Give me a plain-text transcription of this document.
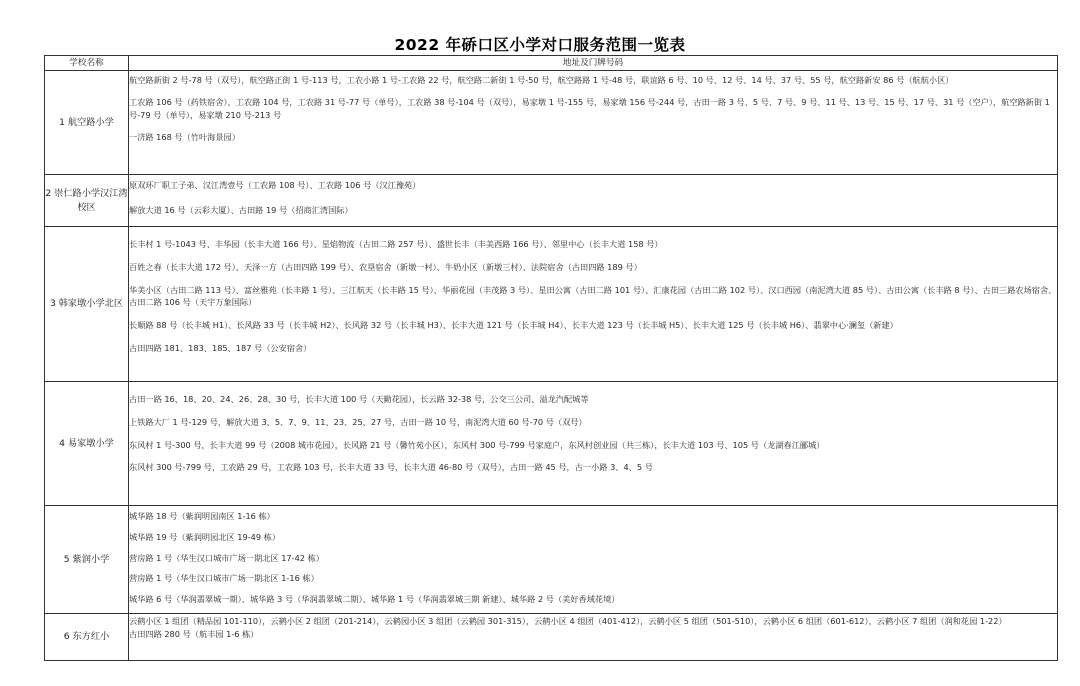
2022 年硚口区小学对口服务范围一览表
学校名称	地址及门牌号码
1 航空路小学	航空路新街 2 号-78 号（双号），航空路正街 1 号-113 号，工农小路 1 号-工农路 22 号，航空路二新街 1 号-50 号，航空路路 1 号-48 号，联谊路 6 号、10 号、12 号、14 号、37 号、55 号，航空路新安 86 号（航航小区）
工农路 106 号（药铁宿舍），工农路 104 号，工农路 31 号-77 号（单号），工农路 38 号-104 号（双号），易家墩 1 号-155 号，易家墩 156 号-244 号，古田一路 3 号、5 号、7 号、9 号、11 号、13 号、15 号、17 号、31 号（空户），航空路新街 1 号-79 号（单号），易家墩 210 号-213 号
一济路 168 号（竹叶海景园）

2 崇仁路小学汉江湾校区	原双环厂职工子弟、汉江湾壹号（工农路 108 号）、工农路 106 号（汉江豫苑）
解放大道 16 号（云彩大厦）、古田路 19 号（招商汇湾国际）

3 韩家墩小学北区	长丰村 1 号-1043 号、丰华园（长丰大道 166 号）、星焰物流（古田二路 257 号）、盛世长丰（丰美西路 166 号）、邻里中心（长丰大道 158 号）
百姓之春（长丰大道 172 号）、天泽一方（古田四路 199 号）、农垦宿舍（新墩一村）、牛奶小区（新墩三村）、法院宿舍（古田四路 189 号）
华美小区（古田二路 113 号）、富丝雅苑（长丰路 1 号）、三江航天（长丰路 15 号）、华丽花园（丰茂路 3 号）、星田公寓（古田二路 101 号）、汇康花园（古田二路 102 号）、汉口西园（南泥湾大道 85 号）、古田公寓（长丰路 8 号）、古田三路农场宿舍、古田二路 106 号（天宇万象国际）
长顺路 88 号（长丰城 H1）、长风路 33 号（长丰城 H2）、长风路 32 号（长丰城 H3）、长丰大道 121 号（长丰城 H4）、长丰大道 123 号（长丰城 H5）、长丰大道 125 号（长丰城 H6）、翡翠中心·澜玺（新建）
古田四路 181、183、185、187 号（公安宿舍）

4 易家墩小学	古田一路 16、18、20、24、26、28、30 号，长丰大道 100 号（天勤花园），长云路 32-38 号，公交三公司、溢龙汽配城等
上铁路大厂 1 号-129 号，解放大道 3、5、7、9、11、23、25、27 号，古田一路 10 号，南泥湾大道 60 号-70 号（双号）
东风村 1 号-300 号，长丰大道 99 号（2008 城市花园），长风路 21 号（馨竹苑小区），东风村 300 号-799 号家庭户，东风村创业园（共三栋），长丰大道 103 号、105 号（龙湖春江郦城）
东风村 300 号-799 号，工农路 29 号，工农路 103 号，长丰大道 33 号，长丰大道 46-80 号（双号），古田一路 45 号，古一小路 3、4、5 号

5 紫润小学	城华路 18 号（紫润明园南区 1-16 栋）
城华路 19 号（紫润明园北区 19-49 栋）
营房路 1 号（华生汉口城市广场一期北区 17-42 栋）
营房路 1 号（华生汉口城市广场一期北区 1-16 栋）
城华路 6 号（华润翡翠城一期）、城华路 3 号（华润翡翠城二期）、城华路 1 号（华润翡翠城三期 新建）、城华路 2 号（美好香域花境）

6 东方红小	云鹤小区 1 组团（精品园 101-110），云鹤小区 2 组团（201-214），云鹤园小区 3 组团（云鹤园 301-315），云鹤小区 4 组团（401-412），云鹤小区 5 组团（501-510），云鹤小区 6 组团（601-612），云鹤小区 7 组团（润和花园 1-22）
古田四路 280 号（航丰园 1-6 栋）
